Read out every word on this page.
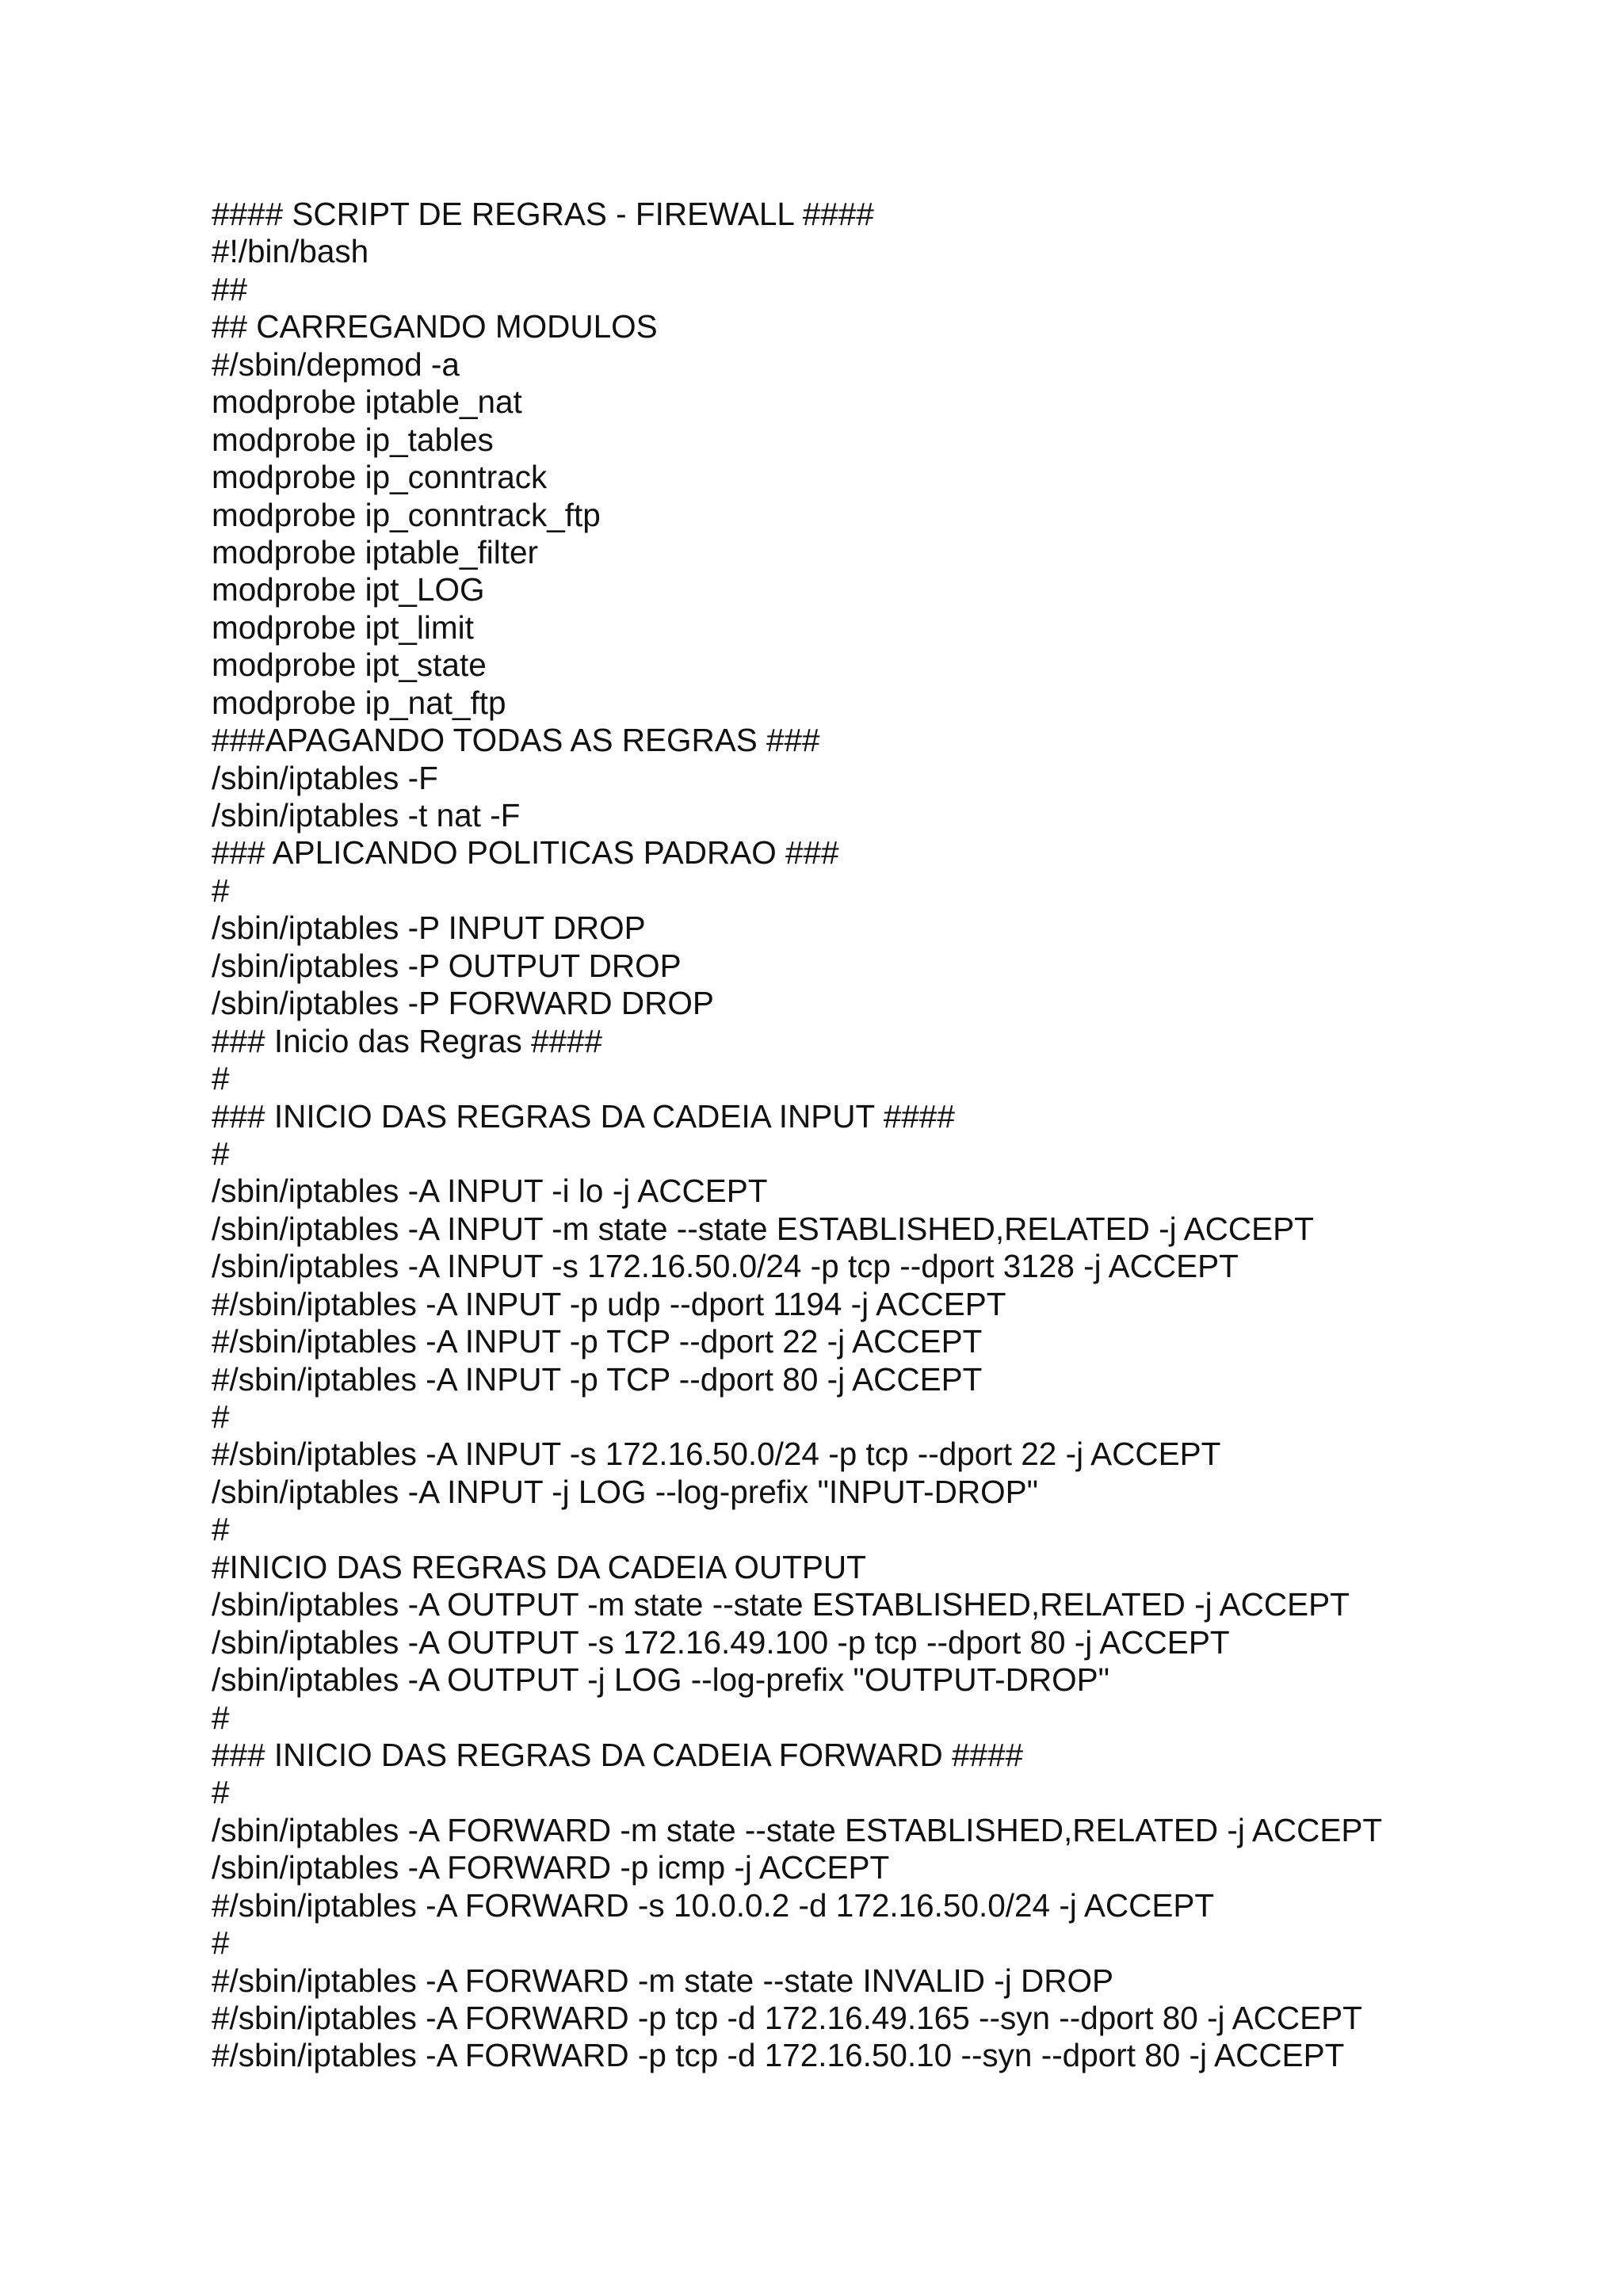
#### SCRIPT DE REGRAS - FIREWALL ####
#!/bin/bash
##
## CARREGANDO MODULOS
#/sbin/depmod -a
modprobe iptable_nat
modprobe ip_tables
modprobe ip_conntrack
modprobe ip_conntrack_ftp
modprobe iptable_filter
modprobe ipt_LOG
modprobe ipt_limit
modprobe ipt_state
modprobe ip_nat_ftp
###APAGANDO TODAS AS REGRAS ###
/sbin/iptables -F
/sbin/iptables -t nat -F
### APLICANDO POLITICAS PADRAO ###
#
/sbin/iptables -P INPUT DROP
/sbin/iptables -P OUTPUT DROP
/sbin/iptables -P FORWARD DROP
### Inicio das Regras ####
#
### INICIO DAS REGRAS DA CADEIA INPUT ####
#
/sbin/iptables -A INPUT -i lo -j ACCEPT
/sbin/iptables -A INPUT -m state --state ESTABLISHED,RELATED -j ACCEPT
/sbin/iptables -A INPUT -s 172.16.50.0/24 -p tcp --dport 3128 -j ACCEPT
#/sbin/iptables -A INPUT -p udp --dport 1194 -j ACCEPT
#/sbin/iptables -A INPUT -p TCP --dport 22 -j ACCEPT
#/sbin/iptables -A INPUT -p TCP --dport 80 -j ACCEPT
#
#/sbin/iptables -A INPUT -s 172.16.50.0/24 -p tcp --dport 22 -j ACCEPT
/sbin/iptables -A INPUT -j LOG --log-prefix "INPUT-DROP"
#
#INICIO DAS REGRAS DA CADEIA OUTPUT
/sbin/iptables -A OUTPUT -m state --state ESTABLISHED,RELATED -j ACCEPT
/sbin/iptables -A OUTPUT -s 172.16.49.100 -p tcp --dport 80 -j ACCEPT
/sbin/iptables -A OUTPUT -j LOG --log-prefix "OUTPUT-DROP"
#
### INICIO DAS REGRAS DA CADEIA FORWARD ####
#
/sbin/iptables -A FORWARD -m state --state ESTABLISHED,RELATED -j ACCEPT
/sbin/iptables -A FORWARD -p icmp -j ACCEPT
#/sbin/iptables -A FORWARD -s 10.0.0.2 -d 172.16.50.0/24 -j ACCEPT
#
#/sbin/iptables -A FORWARD -m state --state INVALID -j DROP
#/sbin/iptables -A FORWARD -p tcp -d 172.16.49.165 --syn --dport 80 -j ACCEPT
#/sbin/iptables -A FORWARD -p tcp -d 172.16.50.10 --syn --dport 80 -j ACCEPT
